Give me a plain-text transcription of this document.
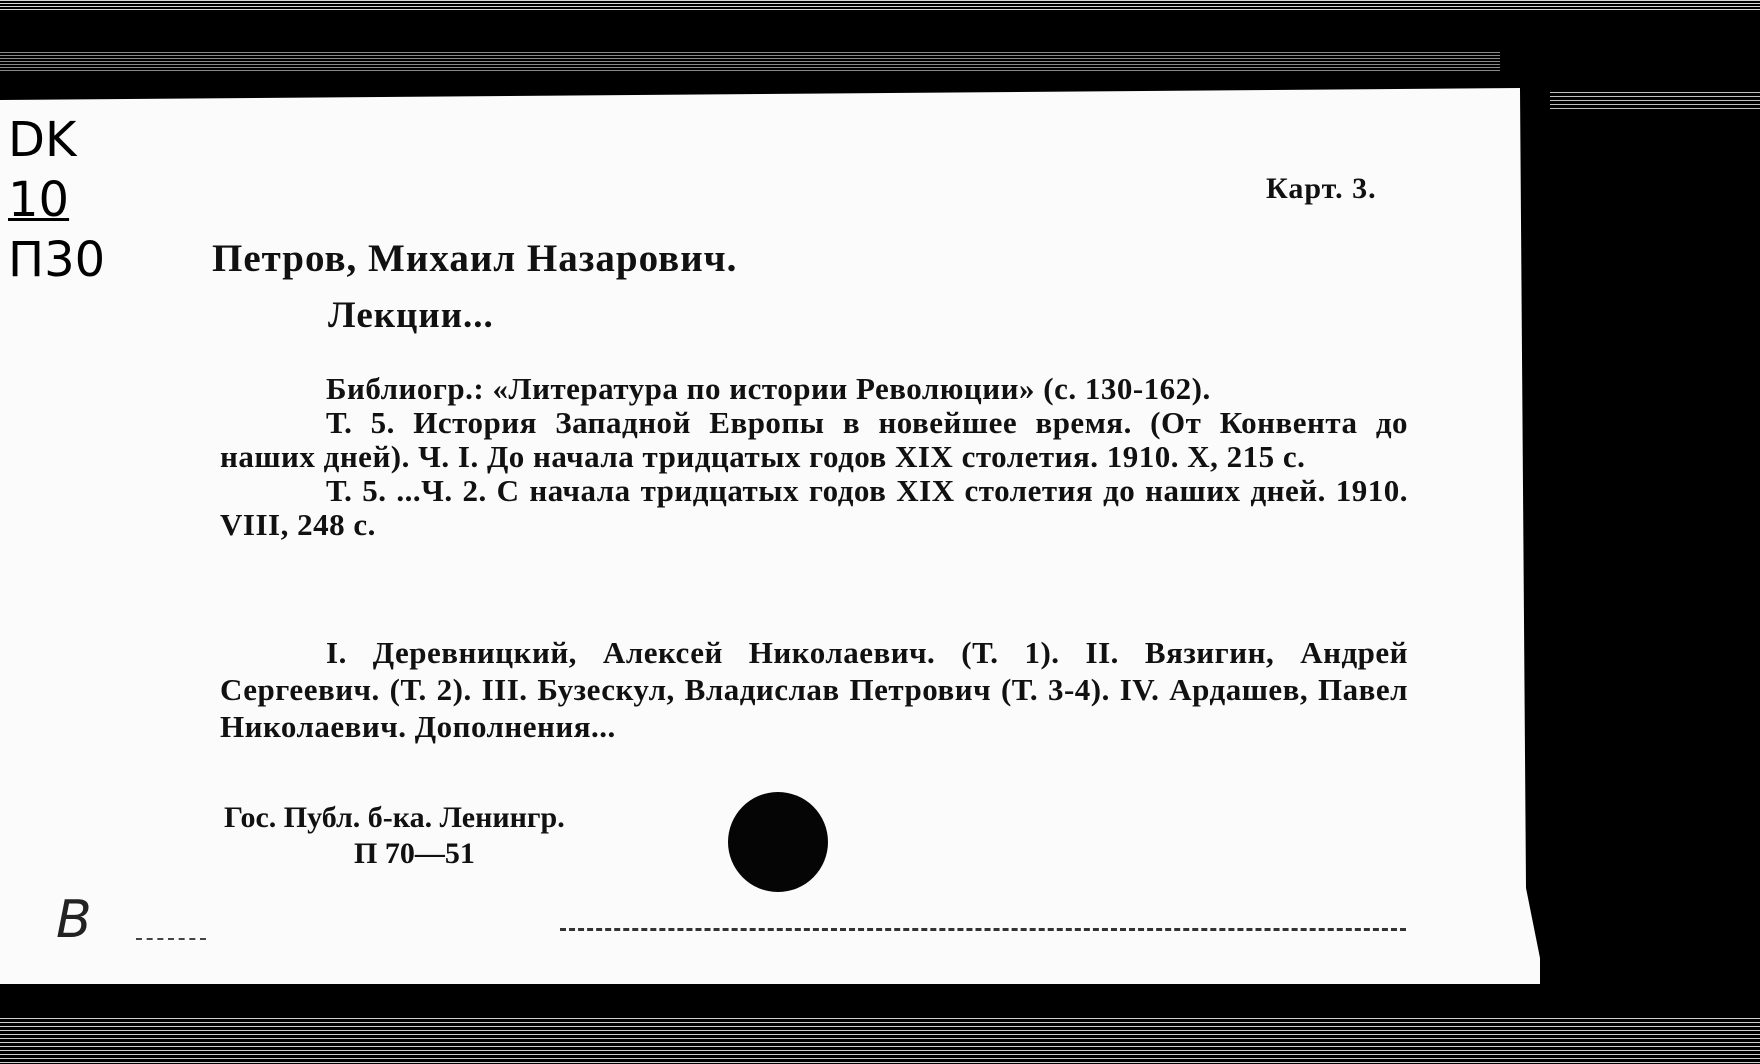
DK
10
П30
Карт. 3.
Петров, Михаил Назарович.
Лекции...

Библиогр.: «Литература по истории Революции» (с. 130-162).

Т. 5. История Западной Европы в новейшее время. (От Конвента до наших дней). Ч. I. До начала тридцатых годов XIX столетия. 1910. X, 215 с.

Т. 5. ...Ч. 2. С начала тридцатых годов XIX столетия до наших дней. 1910. VIII, 248 с.

I. Деревницкий, Алексей Николаевич. (Т. 1). II. Вязигин, Андрей Сергеевич. (Т. 2). III. Бузескул, Владислав Петрович (Т. 3-4). IV. Ардашев, Павел Николаевич. Дополнения...
Гос. Публ. б-ка. Ленингр.
П 70—51
В
